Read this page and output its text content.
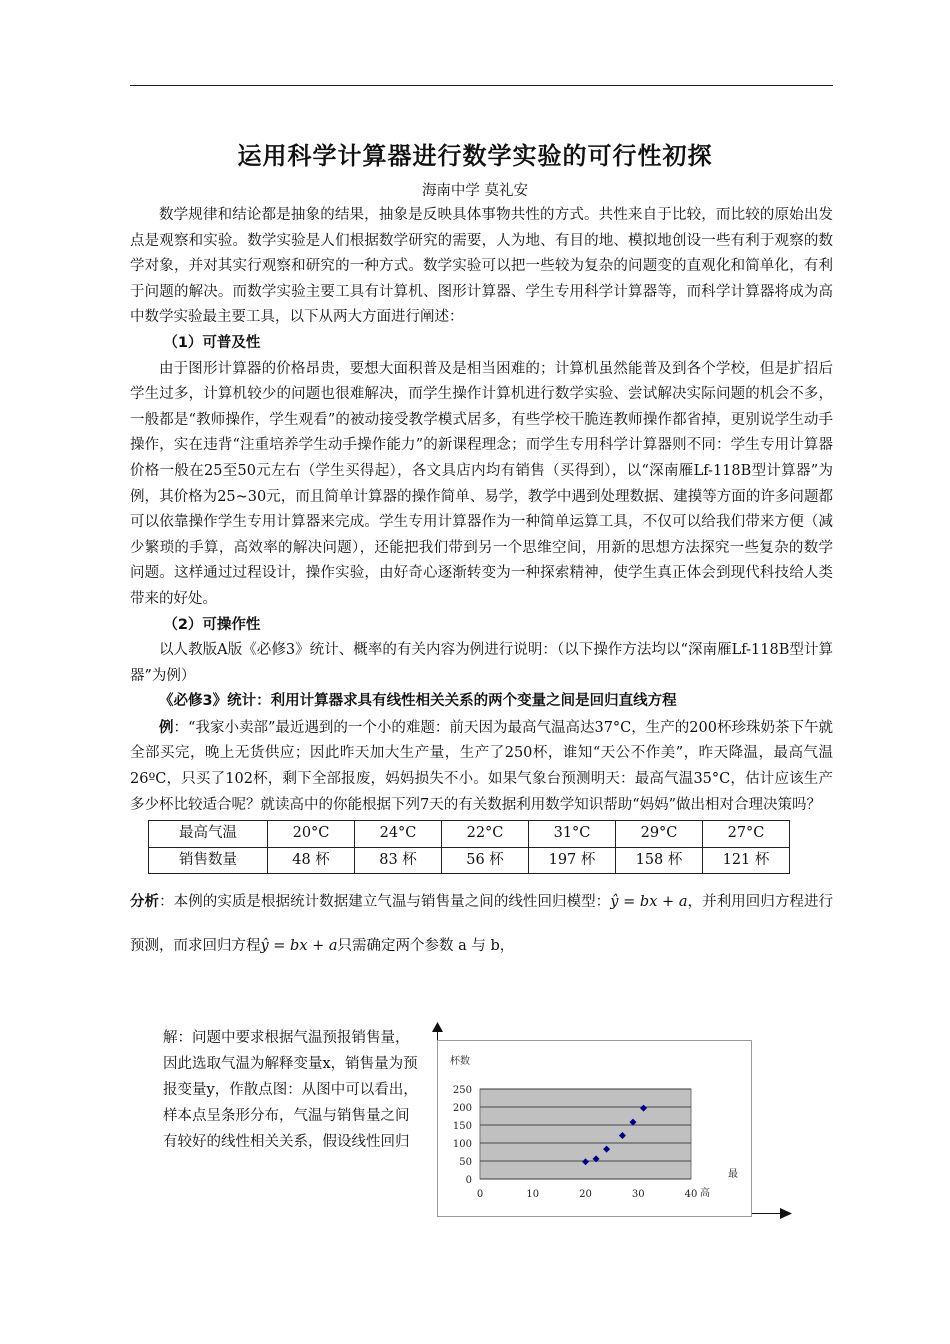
运用科学计算器进行数学实验的可行性初探
海南中学 莫礼安

数学规律和结论都是抽象的结果，抽象是反映具体事物共性的方式。共性来自于比较，而比较的原始出发点是观察和实验。数学实验是人们根据数学研究的需要，人为地、有目的地、模拟地创设一些有利于观察的数学对象，并对其实行观察和研究的一种方式。数学实验可以把一些较为复杂的问题变的直观化和简单化，有利于问题的解决。而数学实验主要工具有计算机、图形计算器、学生专用科学计算器等，而科学计算器将成为高中数学实验最主要工具，以下从两大方面进行阐述：

（1）可普及性

由于图形计算器的价格昂贵，要想大面积普及是相当困难的；计算机虽然能普及到各个学校，但是扩招后学生过多，计算机较少的问题也很难解决，而学生操作计算机进行数学实验、尝试解决实际问题的机会不多，一般都是“教师操作，学生观看”的被动接受教学模式居多，有些学校干脆连教师操作都省掉，更别说学生动手操作，实在违背“注重培养学生动手操作能力”的新课程理念；而学生专用科学计算器则不同：学生专用计算器价格一般在25至50元左右（学生买得起），各文具店内均有销售（买得到），以“深南雁Lf-118B型计算器”为例，其价格为25~30元，而且简单计算器的操作简单、易学，教学中遇到处理数据、建摸等方面的许多问题都可以依靠操作学生专用计算器来完成。学生专用计算器作为一种简单运算工具，不仅可以给我们带来方便（减少繁琐的手算，高效率的解决问题），还能把我们带到另一个思维空间，用新的思想方法探究一些复杂的数学问题。这样通过过程设计，操作实验，由好奇心逐渐转变为一种探索精神，使学生真正体会到现代科技给人类带来的好处。

（2）可操作性

以人教版A版《必修3》统计、概率的有关内容为例进行说明：（以下操作方法均以“深南雁Lf-118B型计算器”为例）

《必修3》统计：利用计算器求具有线性相关关系的两个变量之间是回归直线方程

例：“我家小卖部”最近遇到的一个小的难题：前天因为最高气温高达37°C，生产的200杯珍珠奶茶下午就全部买完，晚上无货供应；因此昨天加大生产量，生产了250杯，谁知“天公不作美”，昨天降温，最高气温26ºC，只买了102杯，剩下全部报废，妈妈损失不小。如果气象台预测明天：最高气温35°C，估计应该生产多少杯比较适合呢？就读高中的你能根据下列7天的有关数据利用数学知识帮助“妈妈”做出相对合理决策吗？

最高气温	20°C	24°C	22°C	31°C	29°C	27°C
销售数量	48 杯	83 杯	56 杯	197 杯	158 杯	121 杯

分析：本例的实质是根据统计数据建立气温与销售量之间的线性回归模型：ŷ = bx + a，并利用回归方程进行预测，而求回归方程ŷ = bx + a只需确定两个参数 a 与 b，

解：问题中要求根据气温预报销售量，因此选取气温为解释变量x，销售量为预报变量y，作散点图：从图中可以看出，样本点呈条形分布，气温与销售量之间有较好的线性相关关系，假设线性回归
0
50
100
150
200
250
0	10	20	30	40
杯数
最
高
